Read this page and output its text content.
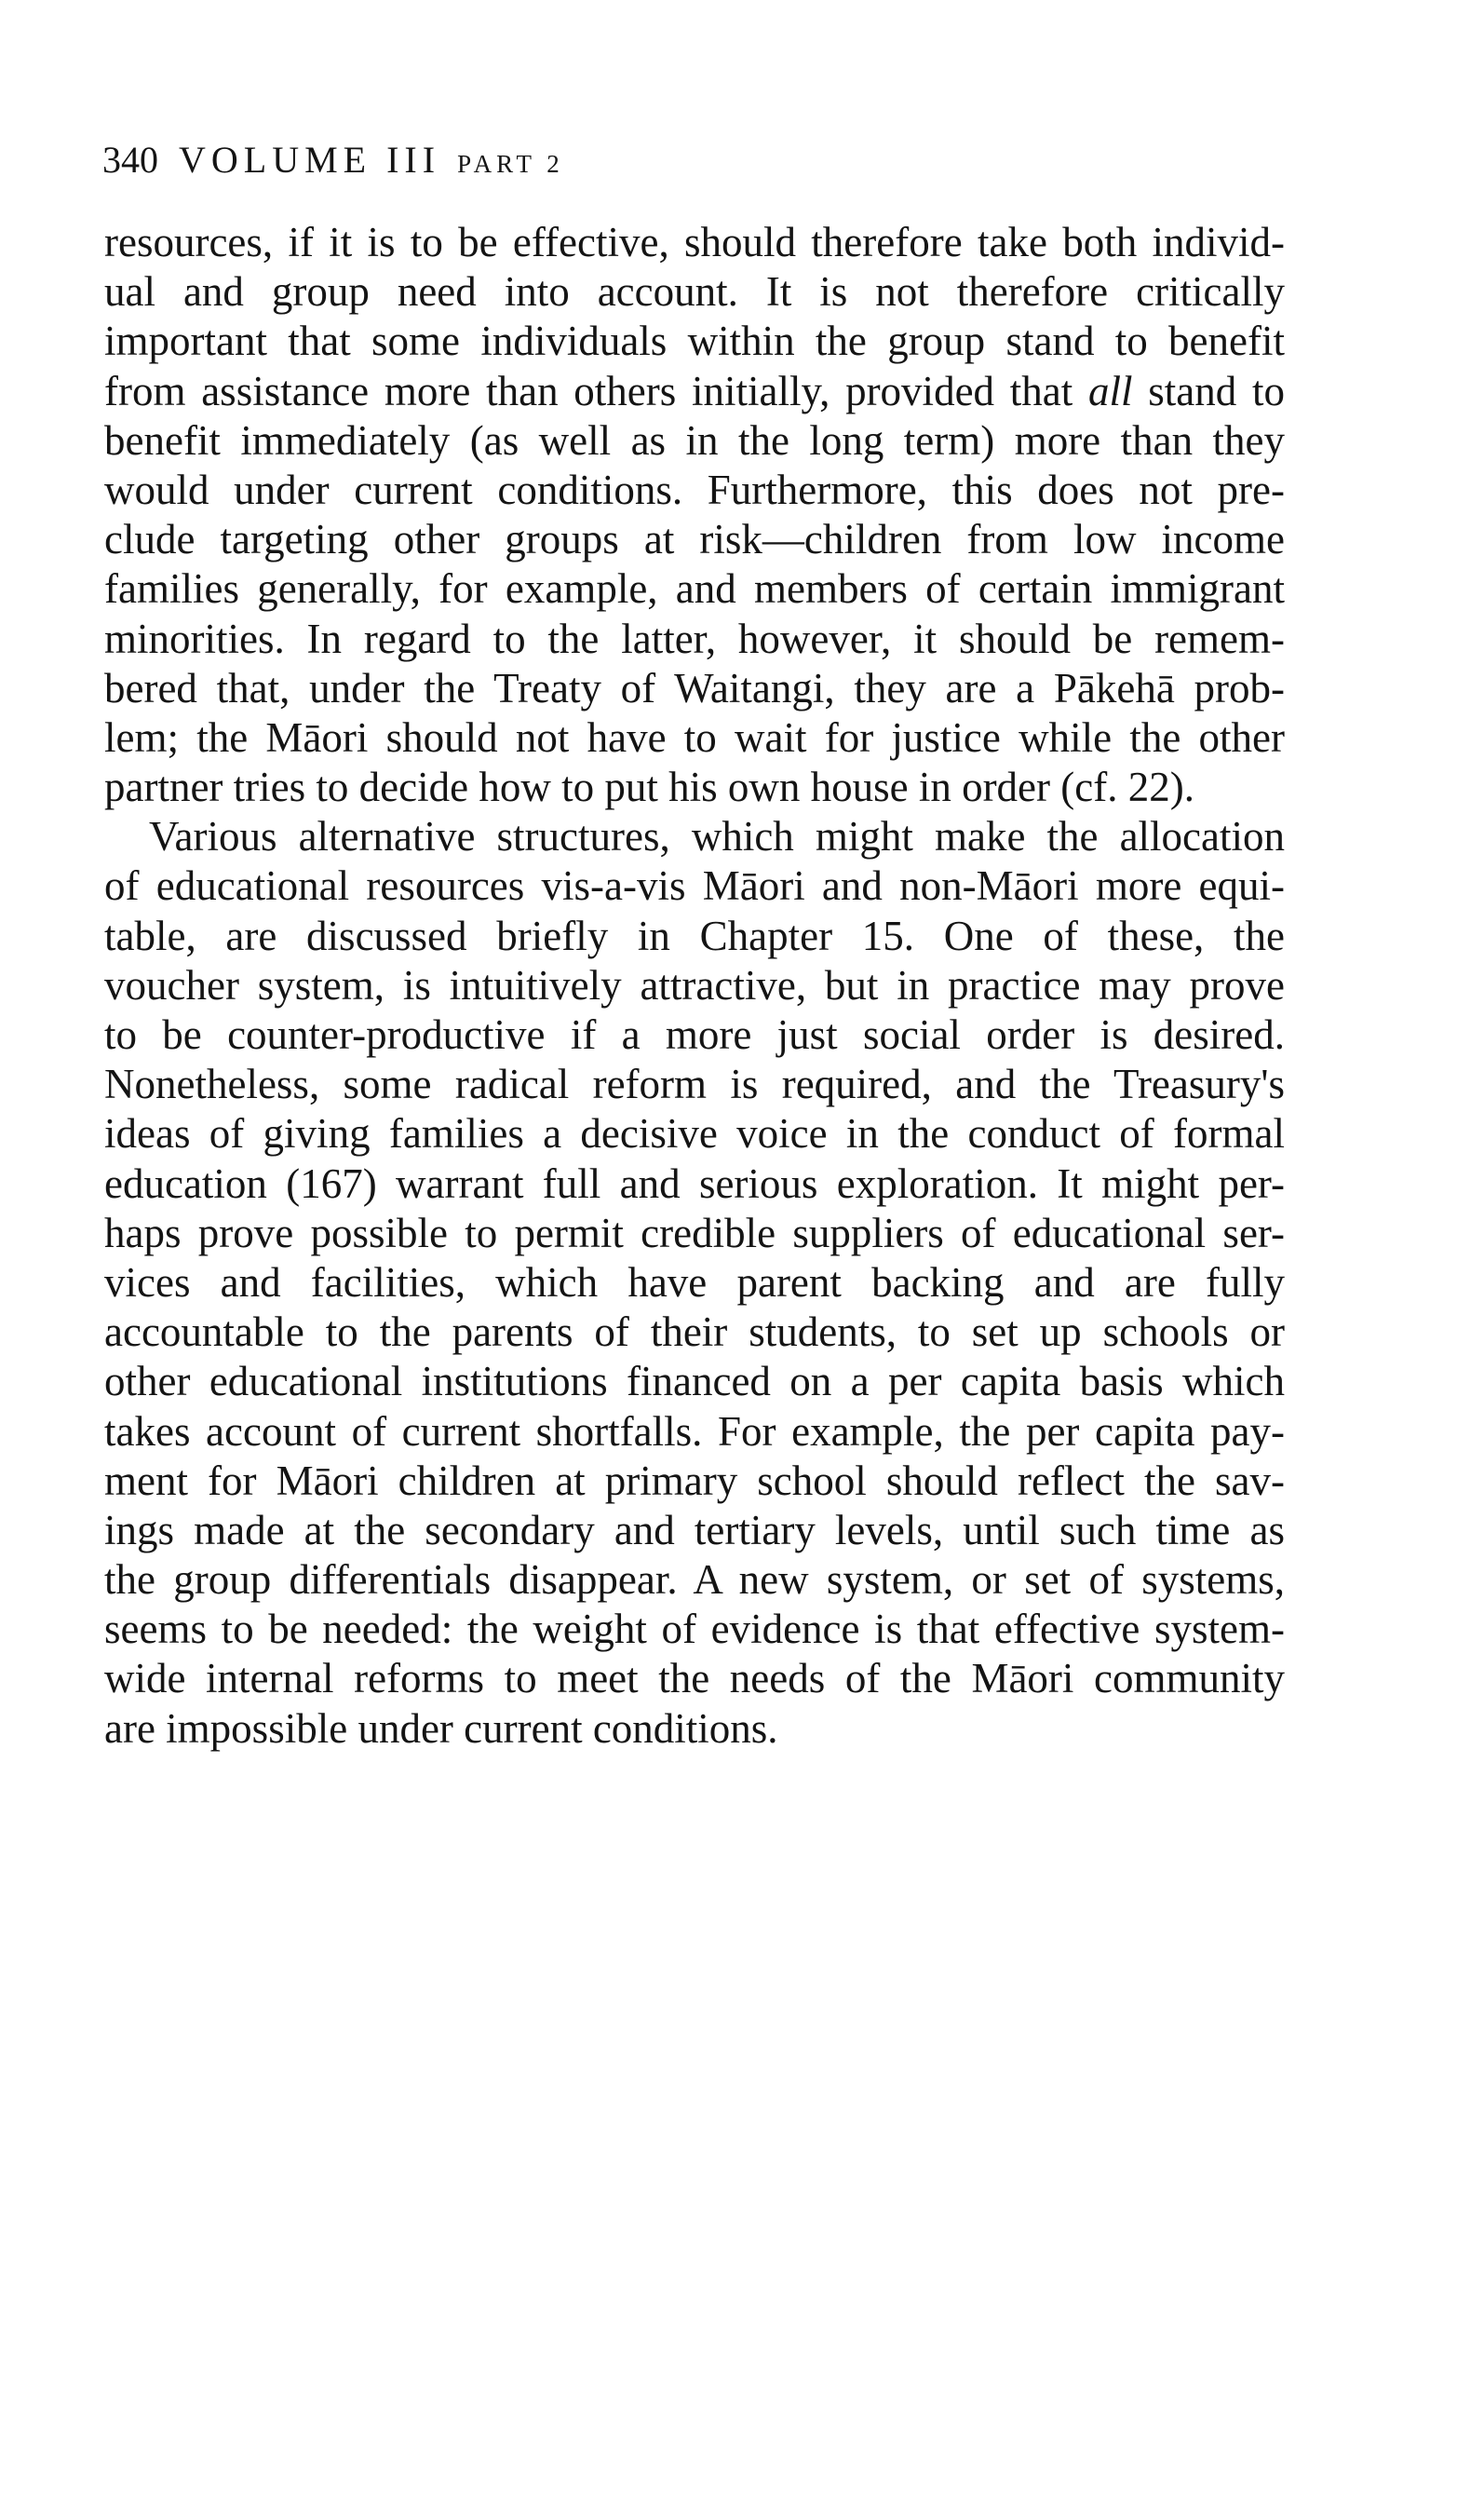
340 VOLUME III PART 2
resources, if it is to be effective, should therefore take both individ-
ual and group need into account. It is not therefore critically
important that some individuals within the group stand to benefit
from assistance more than others initially, provided that all stand to
benefit immediately (as well as in the long term) more than they
would under current conditions. Furthermore, this does not pre-
clude targeting other groups at risk—children from low income
families generally, for example, and members of certain immigrant
minorities. In regard to the latter, however, it should be remem-
bered that, under the Treaty of Waitangi, they are a Pākehā prob-
lem; the Māori should not have to wait for justice while the other
partner tries to decide how to put his own house in order (cf. 22).
Various alternative structures, which might make the allocation
of educational resources vis-a-vis Māori and non-Māori more equi-
table, are discussed briefly in Chapter 15. One of these, the
voucher system, is intuitively attractive, but in practice may prove
to be counter-productive if a more just social order is desired.
Nonetheless, some radical reform is required, and the Treasury's
ideas of giving families a decisive voice in the conduct of formal
education (167) warrant full and serious exploration. It might per-
haps prove possible to permit credible suppliers of educational ser-
vices and facilities, which have parent backing and are fully
accountable to the parents of their students, to set up schools or
other educational institutions financed on a per capita basis which
takes account of current shortfalls. For example, the per capita pay-
ment for Māori children at primary school should reflect the sav-
ings made at the secondary and tertiary levels, until such time as
the group differentials disappear. A new system, or set of systems,
seems to be needed: the weight of evidence is that effective system-
wide internal reforms to meet the needs of the Māori community
are impossible under current conditions.
